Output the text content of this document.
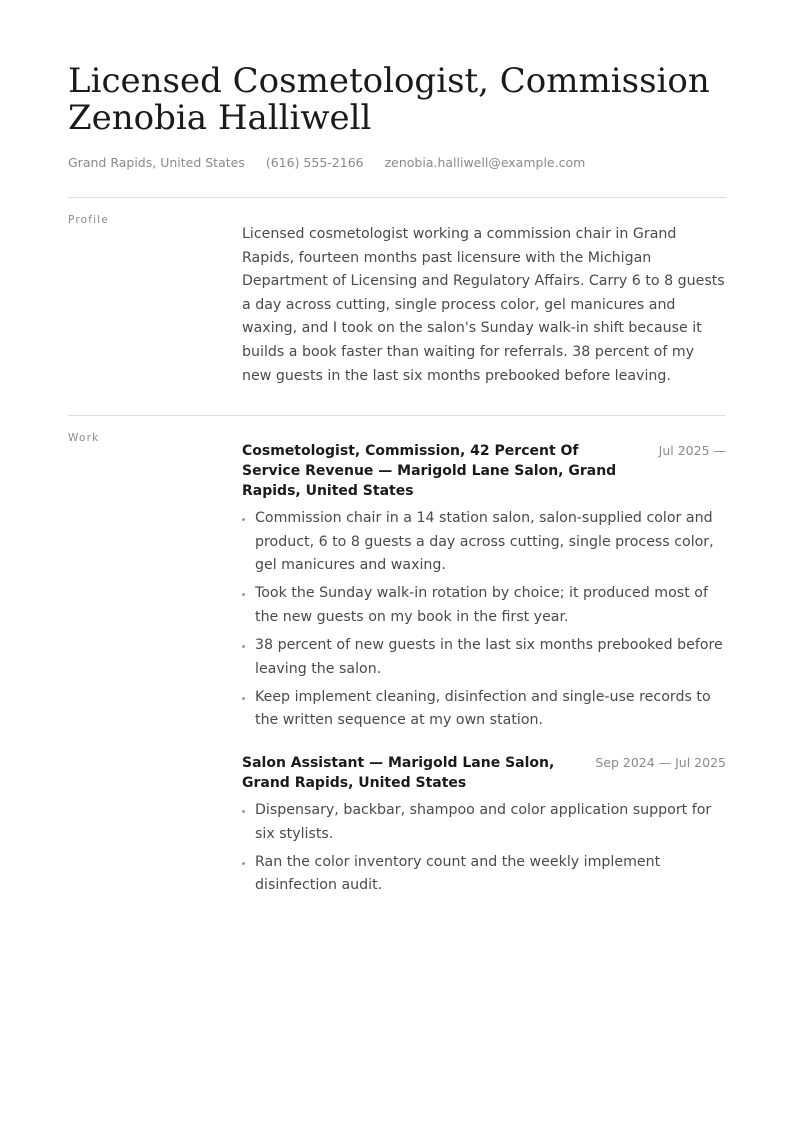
Licensed Cosmetologist, Commission
Zenobia Halliwell
Grand Rapids, United States (616) 555-2166 zenobia.halliwell@example.com
Profile

Licensed cosmetologist working a commission chair in Grand Rapids, fourteen months past licensure with the Michigan Department of Licensing and Regulatory Affairs. Carry 6 to 8 guests a day across cutting, single process color, gel manicures and waxing, and I took on the salon's Sunday walk-in shift because it builds a book faster than waiting for referrals. 38 percent of my new guests in the last six months prebooked before leaving.

Work
Cosmetologist, Commission, 42 Percent Of Service Revenue — Marigold Lane Salon, Grand Rapids, United States
Jul 2025 —
Commission chair in a 14 station salon, salon-supplied color and product, 6 to 8 guests a day across cutting, single process color, gel manicures and waxing.
Took the Sunday walk-in rotation by choice; it produced most of the new guests on my book in the first year.
38 percent of new guests in the last six months prebooked before leaving the salon.
Keep implement cleaning, disinfection and single-use records to the written sequence at my own station.
Salon Assistant — Marigold Lane Salon, Grand Rapids, United States
Sep 2024 — Jul 2025
Dispensary, backbar, shampoo and color application support for six stylists.
Ran the color inventory count and the weekly implement disinfection audit.
